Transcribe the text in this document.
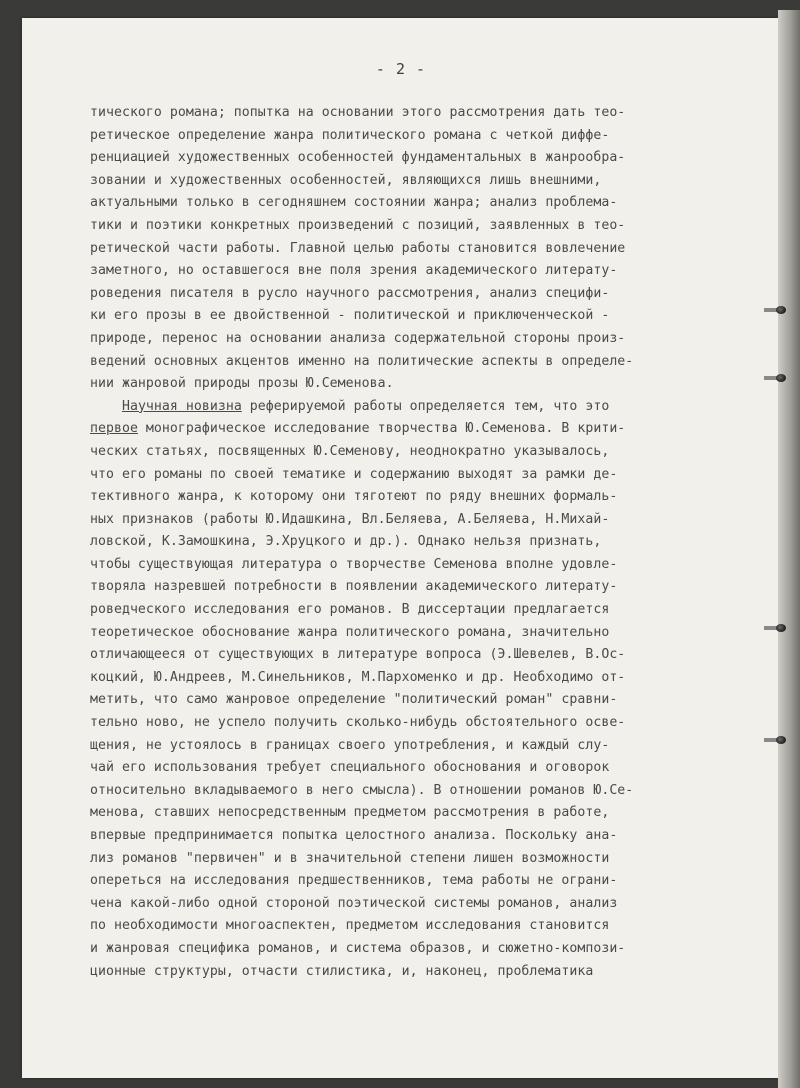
- 2 -
тического романа; попытка на основании этого рассмотрения дать тео-
ретическое определение жанра политического романа с четкой диффе-
ренциацией художественных особенностей фундаментальных в жанрообра-
зовании и художественных особенностей, являющихся лишь внешними,
актуальными только в сегодняшнем состоянии жанра; анализ проблема-
тики и поэтики конкретных произведений с позиций, заявленных в тео-
ретической части работы. Главной целью работы становится вовлечение
заметного, но оставшегося вне поля зрения академического литерату-
роведения писателя в русло научного рассмотрения, анализ специфи-
ки его прозы в ее двойственной - политической и приключенческой -
природе, перенос на основании анализа содержательной стороны произ-
ведений основных акцентов именно на политические аспекты в определе-
нии жанровой природы прозы Ю.Семенова.
Научная новизна реферируемой работы определяется тем, что это
первое монографическое исследование творчества Ю.Семенова. В крити-
ческих статьях, посвященных Ю.Семенову, неоднократно указывалось,
что его романы по своей тематике и содержанию выходят за рамки де-
тективного жанра, к которому они тяготеют по ряду внешних формаль-
ных признаков (работы Ю.Идашкина, Вл.Беляева, А.Беляева, Н.Михай-
ловской, К.Замошкина, Э.Хруцкого и др.). Однако нельзя признать,
чтобы существующая литература о творчестве Семенова вполне удовле-
творяла назревшей потребности в появлении академического литерату-
роведческого исследования его романов. В диссертации предлагается
теоретическое обоснование жанра политического романа, значительно
отличающееся от существующих в литературе вопроса (Э.Шевелев, В.Ос-
коцкий, Ю.Андреев, М.Синельников, М.Пархоменко и др. Необходимо от-
метить, что само жанровое определение "политический роман" сравни-
тельно ново, не успело получить сколько-нибудь обстоятельного осве-
щения, не устоялось в границах своего употребления, и каждый слу-
чай его использования требует специального обоснования и оговорок
относительно вкладываемого в него смысла). В отношении романов Ю.Се-
менова, ставших непосредственным предметом рассмотрения в работе,
впервые предпринимается попытка целостного анализа. Поскольку ана-
лиз романов "первичен" и в значительной степени лишен возможности
опереться на исследования предшественников, тема работы не ограни-
чена какой-либо одной стороной поэтической системы романов, анализ
по необходимости многоаспектен, предметом исследования становится
и жанровая специфика романов, и система образов, и сюжетно-компози-
ционные структуры, отчасти стилистика, и, наконец, проблематика
